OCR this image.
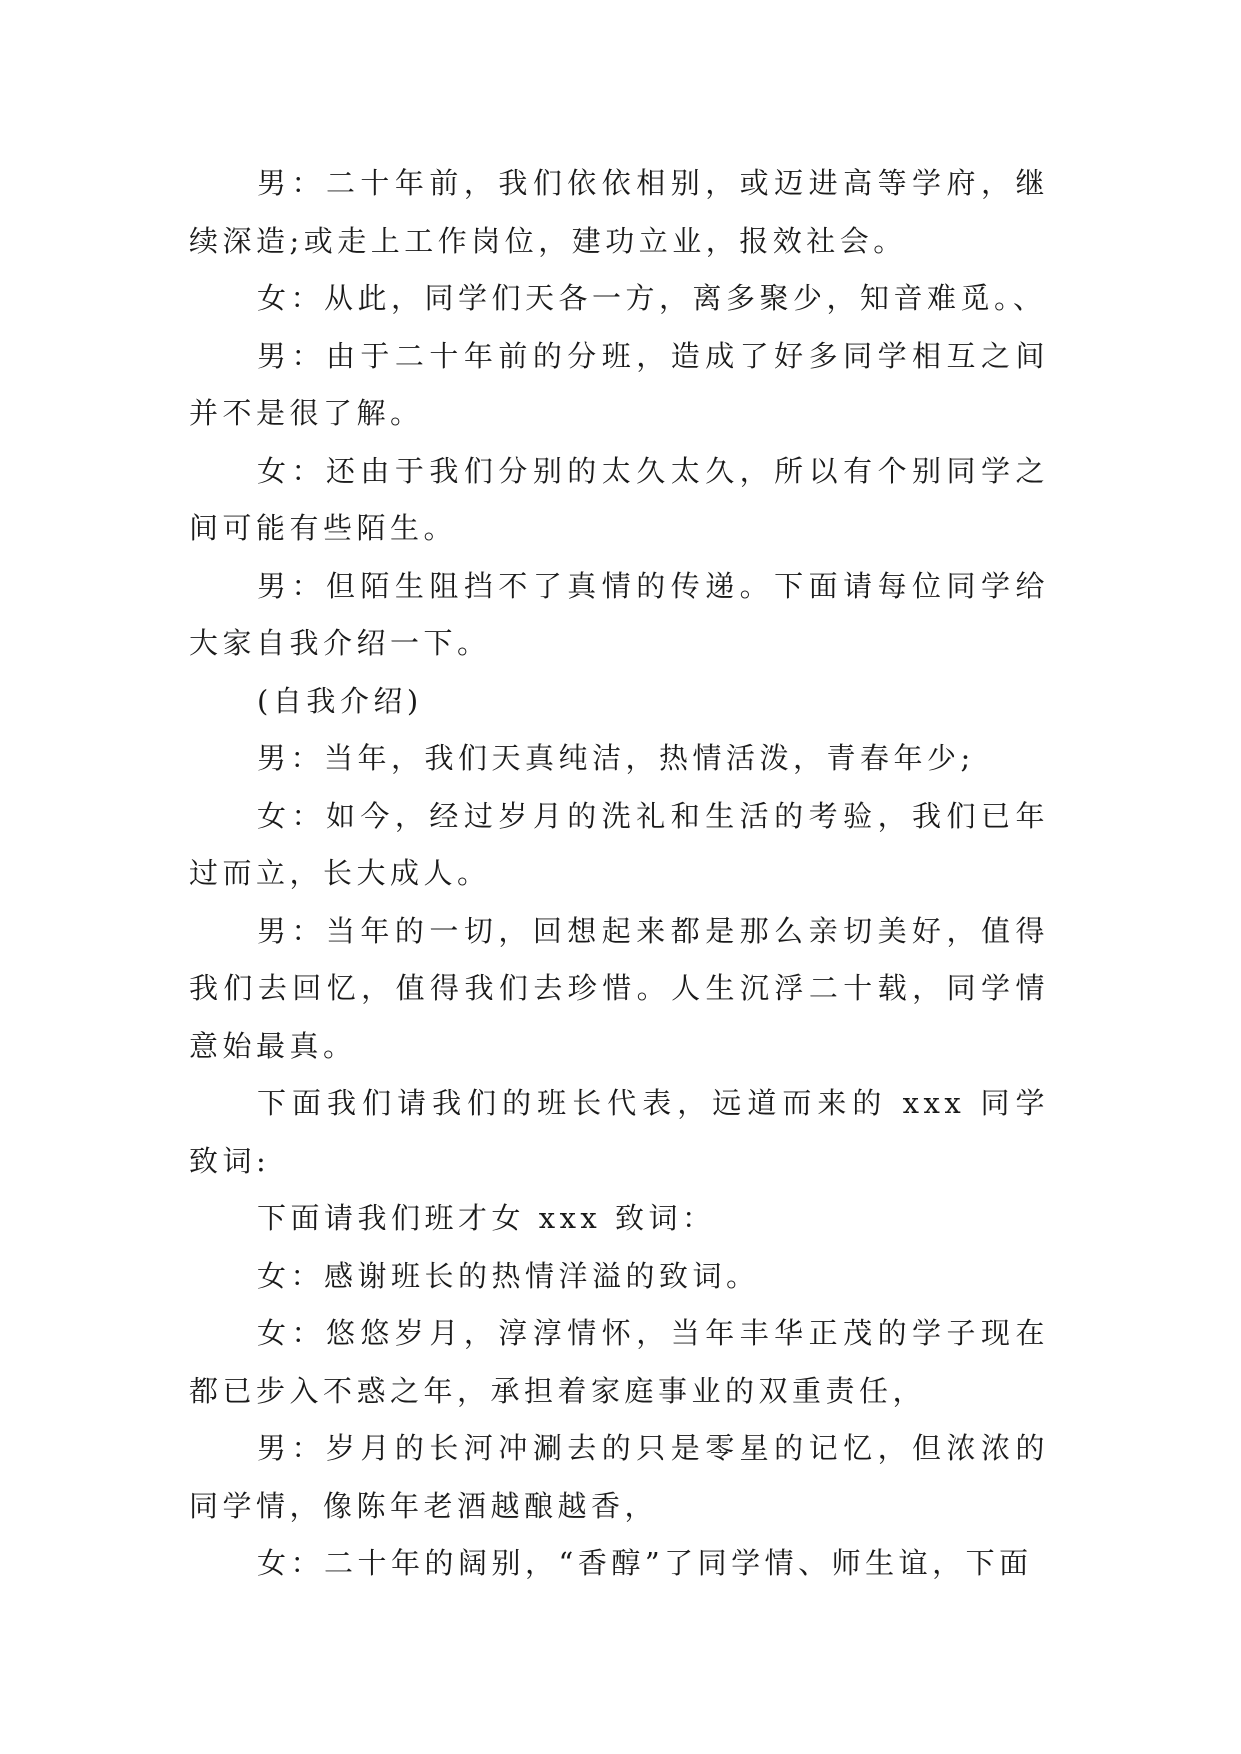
男：二十年前，我们依依相别，或迈进高等学府，继续深造;或走上工作岗位，建功立业，报效社会。

女：从此，同学们天各一方，离多聚少，知音难觅。、

男：由于二十年前的分班，造成了好多同学相互之间并不是很了解。

女：还由于我们分别的太久太久，所以有个别同学之间可能有些陌生。

男：但陌生阻挡不了真情的传递。下面请每位同学给大家自我介绍一下。

(自我介绍)

男：当年，我们天真纯洁，热情活泼，青春年少;

女：如今，经过岁月的洗礼和生活的考验，我们已年过而立，长大成人。

男：当年的一切，回想起来都是那么亲切美好，值得我们去回忆，值得我们去珍惜。人生沉浮二十载，同学情意始最真。

下面我们请我们的班长代表，远道而来的 xxx 同学致词:

下面请我们班才女 xxx 致词：

女：感谢班长的热情洋溢的致词。

女：悠悠岁月，淳淳情怀，当年丰华正茂的学子现在都已步入不惑之年，承担着家庭事业的双重责任，

男：岁月的长河冲涮去的只是零星的记忆，但浓浓的同学情，像陈年老酒越酿越香，

女：二十年的阔别，“香醇”了同学情、师生谊，下面
